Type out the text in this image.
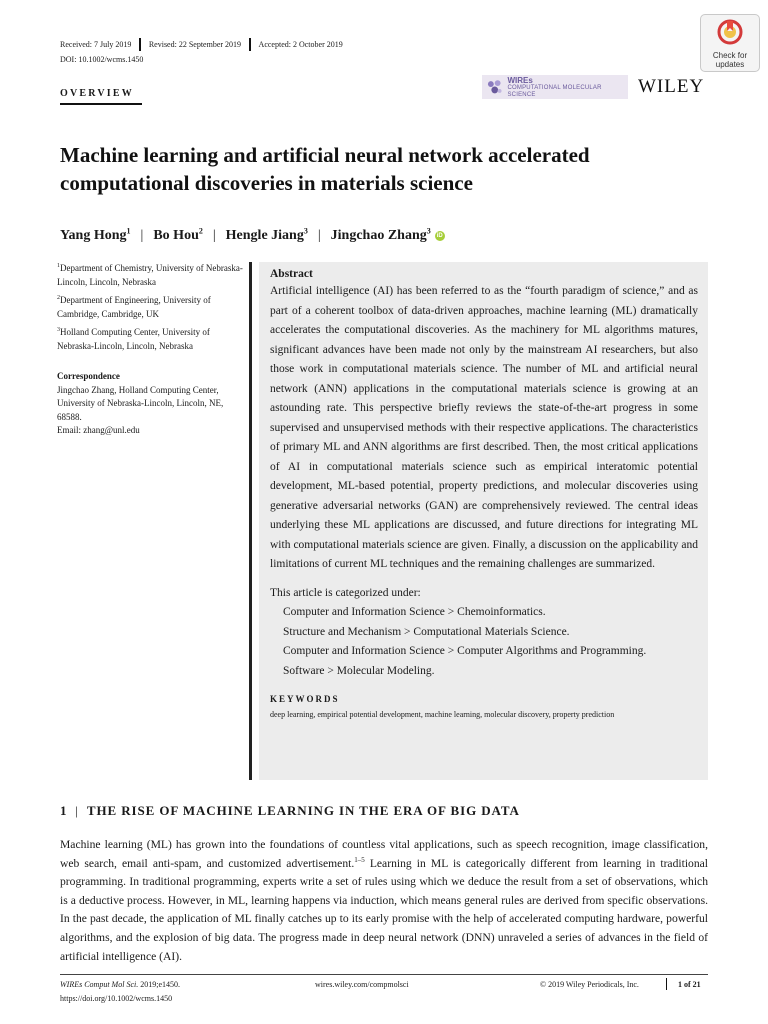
Received: 7 July 2019 Revised: 22 September 2019 Accepted: 2 October 2019
DOI: 10.1002/wcms.1450	Check for updates
OVERVIEW
WIREs
COMPUTATIONAL MOLECULAR SCIENCE	WILEY
Machine learning and artificial neural network accelerated computational discoveries in materials science
Yang Hong$^1$ | Bo Hou$^2$ | Hengle Jiang$^3$ | Jingchao Zhang$^3$
iD

$^1$Department of Chemistry, University of Nebraska-Lincoln, Lincoln, Nebraska

$^2$Department of Engineering, University of Cambridge, Cambridge, UK

$^3$Holland Computing Center, University of Nebraska-Lincoln, Lincoln, Nebraska

Correspondence
Jingchao Zhang, Holland Computing Center, University of Nebraska-Lincoln, Lincoln, NE, 68588.
Email: zhang@unl.edu
Abstract
Artificial intelligence (AI) has been referred to as the “fourth paradigm of science,” and as part of a coherent toolbox of data-driven approaches, machine learning (ML) dramatically accelerates the computational discoveries. As the machinery for ML algorithms matures, significant advances have been made not only by the mainstream AI researchers, but also those work in computational materials science. The number of ML and artificial neural network (ANN) applications in the computational materials science is growing at an astounding rate. This perspective briefly reviews the state-of-the-art progress in some supervised and unsupervised methods with their respective applications. The characteristics of primary ML and ANN algorithms are first described. Then, the most critical applications of AI in computational materials science such as empirical interatomic potential development, ML-based potential, property predictions, and molecular discoveries using generative adversarial networks (GAN) are comprehensively reviewed. The central ideas underlying these ML applications are discussed, and future directions for integrating ML with computational materials science are given. Finally, a discussion on the applicability and limitations of current ML techniques and the remaining challenges are summarized.
This article is categorized under:
Computer and Information Science > Chemoinformatics.
Structure and Mechanism > Computational Materials Science.
Computer and Information Science > Computer Algorithms and Programming.
Software > Molecular Modeling.
KEYWORDS
deep learning, empirical potential development, machine learning, molecular discovery, property prediction
1 | THE RISE OF MACHINE LEARNING IN THE ERA OF BIG DATA
Machine learning (ML) has grown into the foundations of countless vital applications, such as speech recognition, image classification, web search, email anti-spam, and customized advertisement.$^{1-5}$ Learning in ML is categorically different from learning in traditional programming. In traditional programming, experts write a set of rules using which we deduce the result from a set of observations, which is a deductive process. However, in ML, learning happens via induction, which means general rules are derived from specific observations. In the past decade, the application of ML finally catches up to its early promise with the help of accelerated computing hardware, powerful algorithms, and the explosion of big data. The progress made in deep neural network (DNN) unraveled a series of advances in the field of artificial intelligence (AI).
WIREs Comput Mol Sci. 2019;e1450.
https://doi.org/10.1002/wcms.1450
wires.wiley.com/compmolsci	© 2019 Wiley Periodicals, Inc.	1 of 21
